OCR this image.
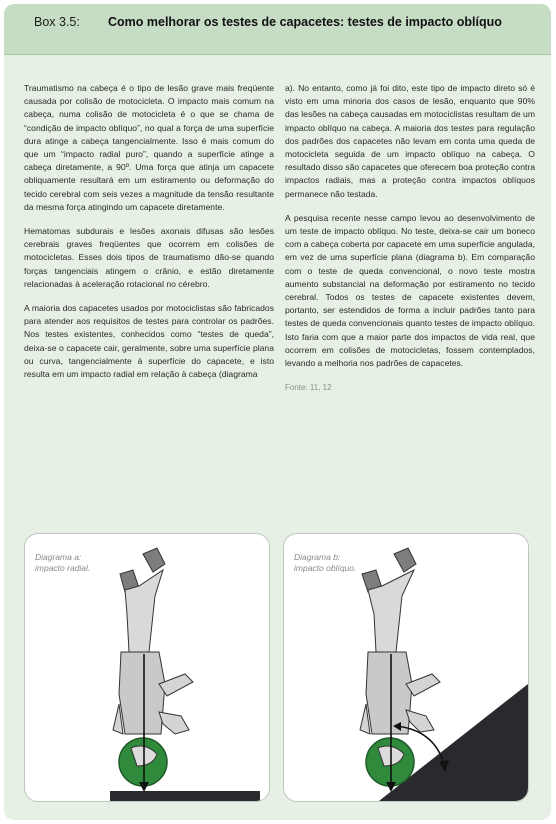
Box 3.5: Como melhorar os testes de capacetes: testes de impacto oblíquo

Traumatismo na cabeça é o tipo de lesão grave mais freqüente causada por colisão de motocicleta. O impacto mais comum na cabeça, numa colisão de motocicleta é o que se chama de “condição de impacto oblíquo”, no qual a força de uma superfície dura atinge a cabeça tangencialmente. Isso é mais comum do que um “impacto radial puro”, quando a superfície atinge a cabeça diretamente, a 90º. Uma força que atinja um capacete obliquamente resultará em um estiramento ou deformação do tecido cerebral com seis vezes a magnitude da tensão resultante da mesma força atingindo um capacete diretamente.

Hematomas subdurais e lesões axonais difusas são lesões cerebrais graves freqüentes que ocorrem em colisões de motocicletas. Esses dois tipos de traumatismo dão-se quando forças tangenciais atingem o crânio, e estão diretamente relacionadas à aceleração rotacional no cérebro.

A maioria dos capacetes usados por motociclistas são fabricados para atender aos requisitos de testes para controlar os padrões. Nos testes existentes, conhecidos como “testes de queda”, deixa-se o capacete cair, geralmente, sobre uma superfície plana ou curva, tangencialmente à superfície do capacete, e isto resulta em um impacto radial em relação à cabeça (diagrama

a). No entanto, como já foi dito, este tipo de impacto direto só é visto em uma minoria dos casos de lesão, enquanto que 90% das lesões na cabeça causadas em motociclistas resultam de um impacto oblíquo na cabeça. A maioria dos testes para regulação dos padrões dos capacetes não levam em conta uma queda de motocicleta seguida de um impacto oblíquo na cabeça. O resultado disso são capacetes que oferecem boa proteção contra impactos radiais, mas a proteção contra impactos oblíquos permanece não testada.

A pesquisa recente nesse campo levou ao desenvolvimento de um teste de impacto oblíquo. No teste, deixa-se cair um boneco com a cabeça coberta por capacete em uma superfície angulada, em vez de uma superfície plana (diagrama b). Em comparação com o teste de queda convencional, o novo teste mostra aumento substancial na deformação por estiramento no tecido cerebral. Todos os testes de capacete existentes devem, portanto, ser estendidos de forma a incluir padrões tanto para testes de queda convencionais quanto testes de impacto oblíquo. Isto faria com que a maior parte dos impactos de vida real, que ocorrem em colisões de motocicletas, fossem contemplados, levando a melhoria nos padrões de capacetes.

Fonte: 11, 12
Diagrama a:
impacto radial.
Diagrama b:
impacto oblíquo.
